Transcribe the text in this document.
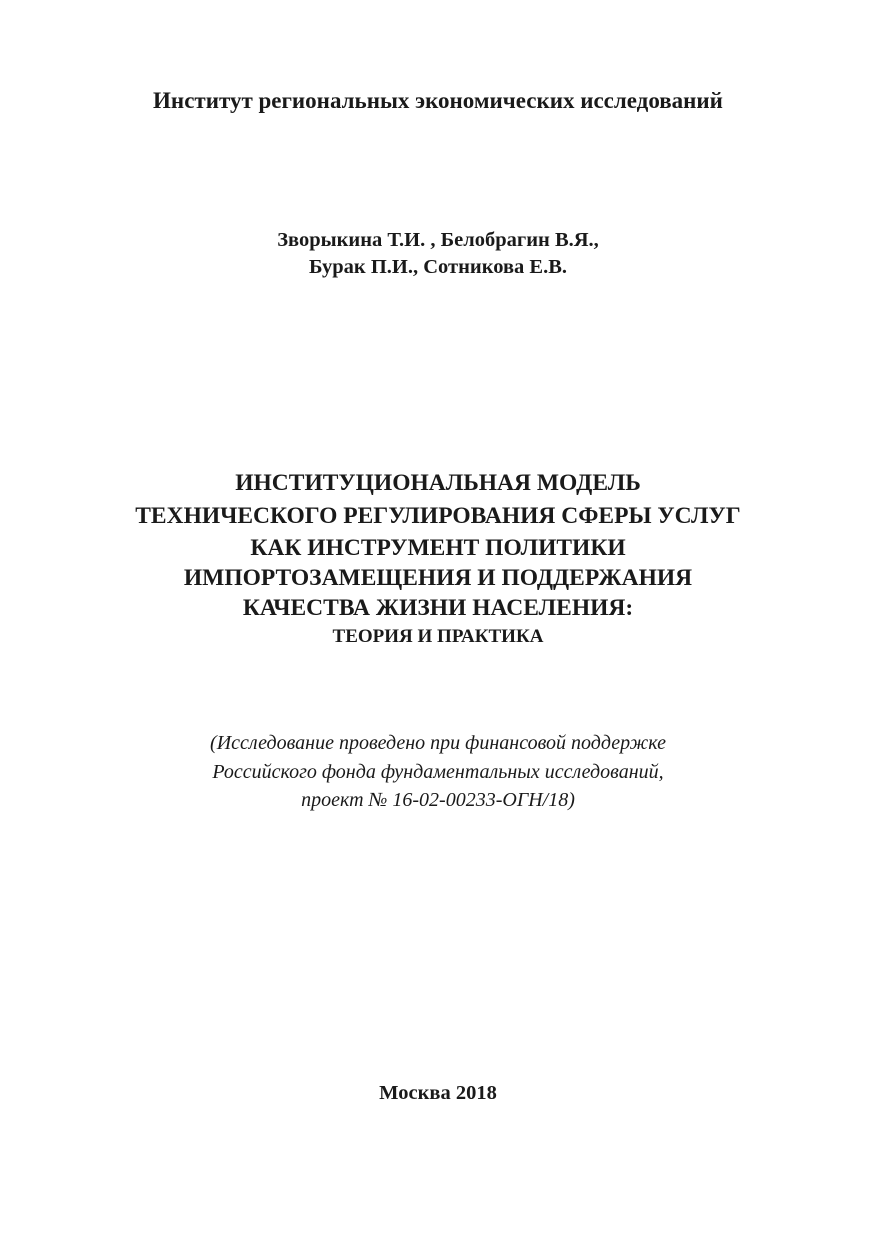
Институт региональных экономических исследований
Зворыкина Т.И. , Белобрагин В.Я.,
Бурак П.И., Сотникова Е.В.
ИНСТИТУЦИОНАЛЬНАЯ МОДЕЛЬ
ТЕХНИЧЕСКОГО РЕГУЛИРОВАНИЯ СФЕРЫ УСЛУГ
КАК ИНСТРУМЕНТ ПОЛИТИКИ
ИМПОРТОЗАМЕЩЕНИЯ И ПОДДЕРЖАНИЯ
КАЧЕСТВА ЖИЗНИ НАСЕЛЕНИЯ:
ТЕОРИЯ И ПРАКТИКА
(Исследование проведено при финансовой поддержке
Российского фонда фундаментальных исследований,
проект № 16-02-00233-ОГН/18)
Москва 2018
